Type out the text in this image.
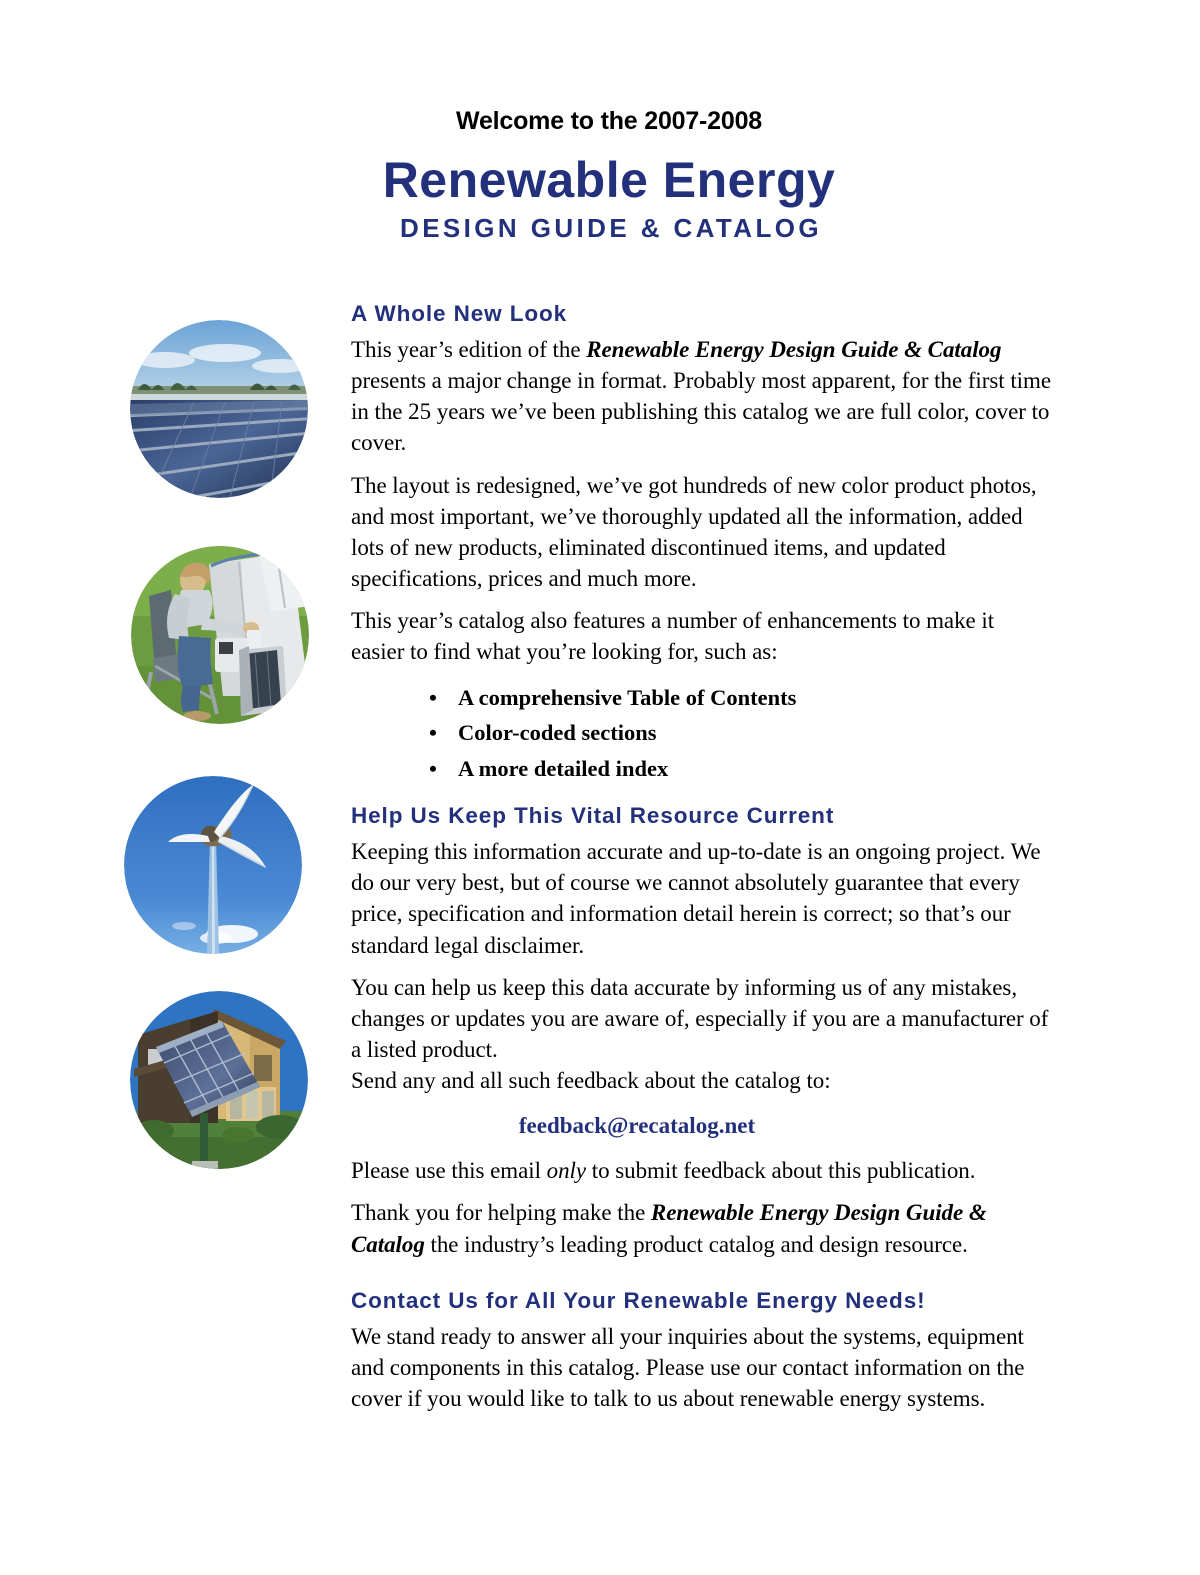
Welcome to the 2007-2008
Renewable Energy
DESIGN GUIDE & CATALOG
A Whole New Look

This year’s edition of the Renewable Energy Design Guide & Catalog presents a major change in format. Probably most apparent, for the first time in the 25 years we’ve been publishing this catalog we are full color, cover to cover.

The layout is redesigned, we’ve got hundreds of new color product photos, and most important, we’ve thoroughly updated all the information, added lots of new products, eliminated discontinued items, and updated specifications, prices and much more.

This year’s catalog also features a number of enhancements to make it easier to find what you’re looking for, such as:

• A comprehensive Table of Contents
• Color-coded sections
• A more detailed index
Help Us Keep This Vital Resource Current

Keeping this information accurate and up-to-date is an ongoing project. We do our very best, but of course we cannot absolutely guarantee that every price, specification and information detail herein is correct; so that’s our standard legal disclaimer.

You can help us keep this data accurate by informing us of any mistakes, changes or updates you are aware of, especially if you are a manufacturer of a listed product.

Send any and all such feedback about the catalog to:

feedback@recatalog.net

Please use this email only to submit feedback about this publication.

Thank you for helping make the Renewable Energy Design Guide & Catalog the industry’s leading product catalog and design resource.

Contact Us for All Your Renewable Energy Needs!

We stand ready to answer all your inquiries about the systems, equipment and components in this catalog. Please use our contact information on the cover if you would like to talk to us about renewable energy systems.
